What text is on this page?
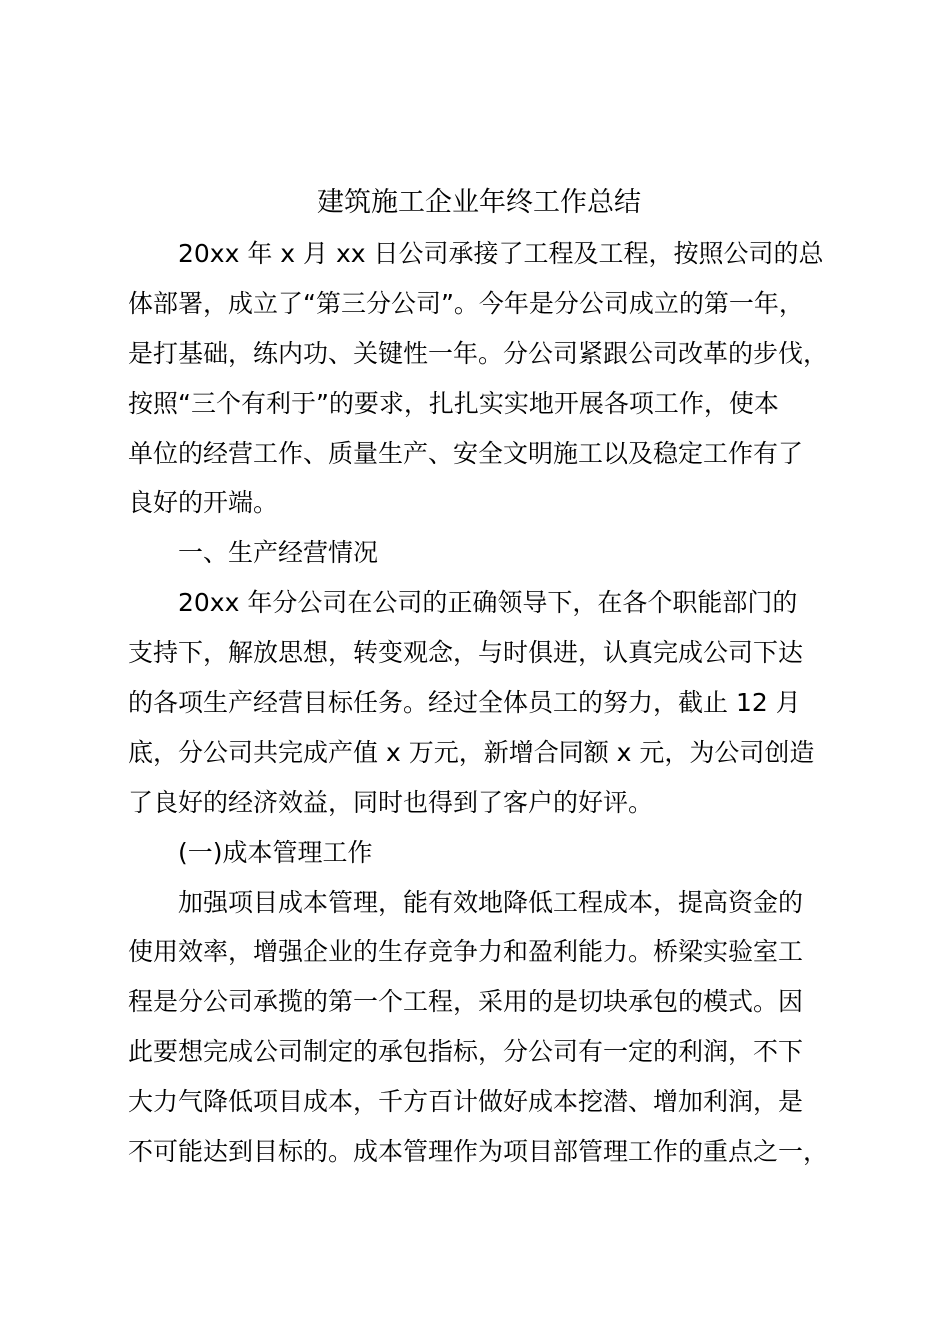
建筑施工企业年终工作总结
20xx 年 x 月 xx 日公司承接了工程及工程，按照公司的总
体部署，成立了“第三分公司”。今年是分公司成立的第一年，
是打基础，练内功、关键性一年。分公司紧跟公司改革的步伐，
按照“三个有利于”的要求，扎扎实实地开展各项工作，使本
单位的经营工作、质量生产、安全文明施工以及稳定工作有了
良好的开端。
一、生产经营情况
20xx 年分公司在公司的正确领导下，在各个职能部门的
支持下，解放思想，转变观念，与时俱进，认真完成公司下达
的各项生产经营目标任务。经过全体员工的努力，截止 12 月
底，分公司共完成产值 x 万元，新增合同额 x 元，为公司创造
了良好的经济效益，同时也得到了客户的好评。
(一)成本管理工作
加强项目成本管理，能有效地降低工程成本，提高资金的
使用效率，增强企业的生存竞争力和盈利能力。桥梁实验室工
程是分公司承揽的第一个工程，采用的是切块承包的模式。因
此要想完成公司制定的承包指标，分公司有一定的利润，不下
大力气降低项目成本，千方百计做好成本挖潜、增加利润，是
不可能达到目标的。成本管理作为项目部管理工作的重点之一，
